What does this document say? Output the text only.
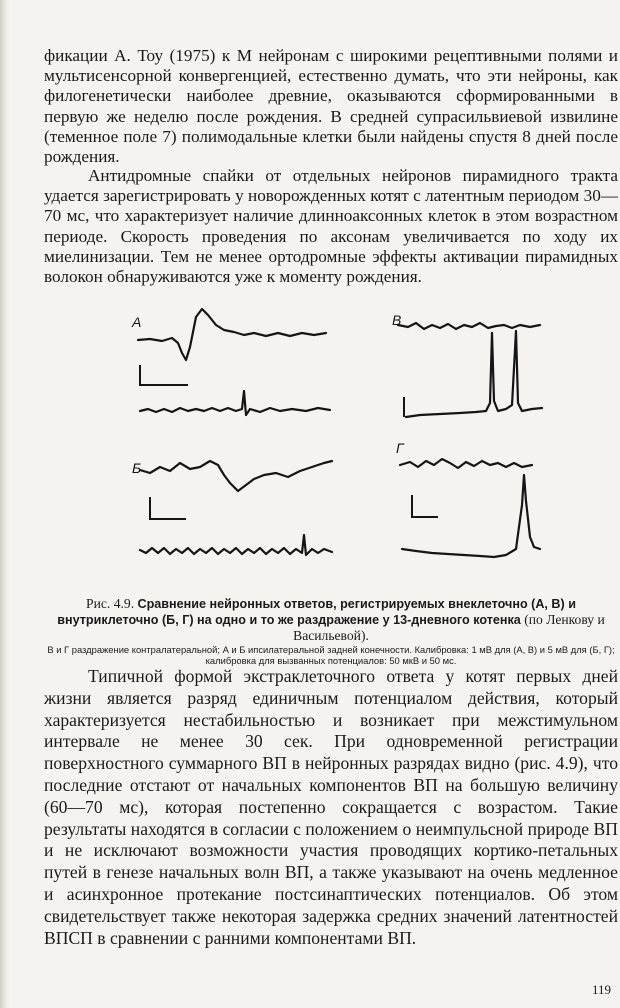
фикации А. Тоу (1975) к М нейронам с широкими рецептивными полями и мультисенсорной конвергенцией, естественно думать, что эти нейроны, как филогенетически наиболее древние, оказываются сформированными в первую же неделю после рождения. В средней супрасильвиевой извилине (теменное поле 7) полимодальные клетки были найдены спустя 8 дней после рождения.

Антидромные спайки от отдельных нейронов пирамидного тракта удается зарегистрировать у новорожденных котят с латентным периодом 30—70 мс, что характеризует наличие длинноаксонных клеток в этом возрастном периоде. Скорость проведения по аксонам увеличивается по ходу их миелинизации. Тем не менее ортодромные эффекты активации пирамидных волокон обнаруживаются уже к моменту рождения.

А	В
Б
Г

Рис. 4.9. Сравнение нейронных ответов, регистрируемых внеклеточно (А, В) и внутриклеточно (Б, Г) на одно и то же раздражение у 13-дневного котенка (по Ленкову и Васильевой).

В и Г раздражение контралатеральной; А и Б ипсилатеральной задней конечности. Калибровка: 1 мВ для (А, В) и 5 мВ для (Б, Г); калибровка для вызванных потенциалов: 50 мкВ и 50 мс.

Типичной формой экстраклеточного ответа у котят первых дней жизни является разряд единичным потенциалом действия, который характеризуется нестабильностью и возникает при межстимульном интервале не менее 30 сек. При одновременной регистрации поверхностного суммарного ВП в нейронных разрядах видно (рис. 4.9), что последние отстают от начальных компонентов ВП на большую величину (60—70 мс), которая постепенно сокращается с возрастом. Такие результаты находятся в согласии с положением о неимпульсной природе ВП и не исключают возможности участия проводящих кортико-петальных путей в генезе начальных волн ВП, а также указывают на очень медленное и асинхронное протекание постсинаптических потенциалов. Об этом свидетельствует также некоторая задержка средних значений латентностей ВПСП в сравнении с ранними компонентами ВП.

119
